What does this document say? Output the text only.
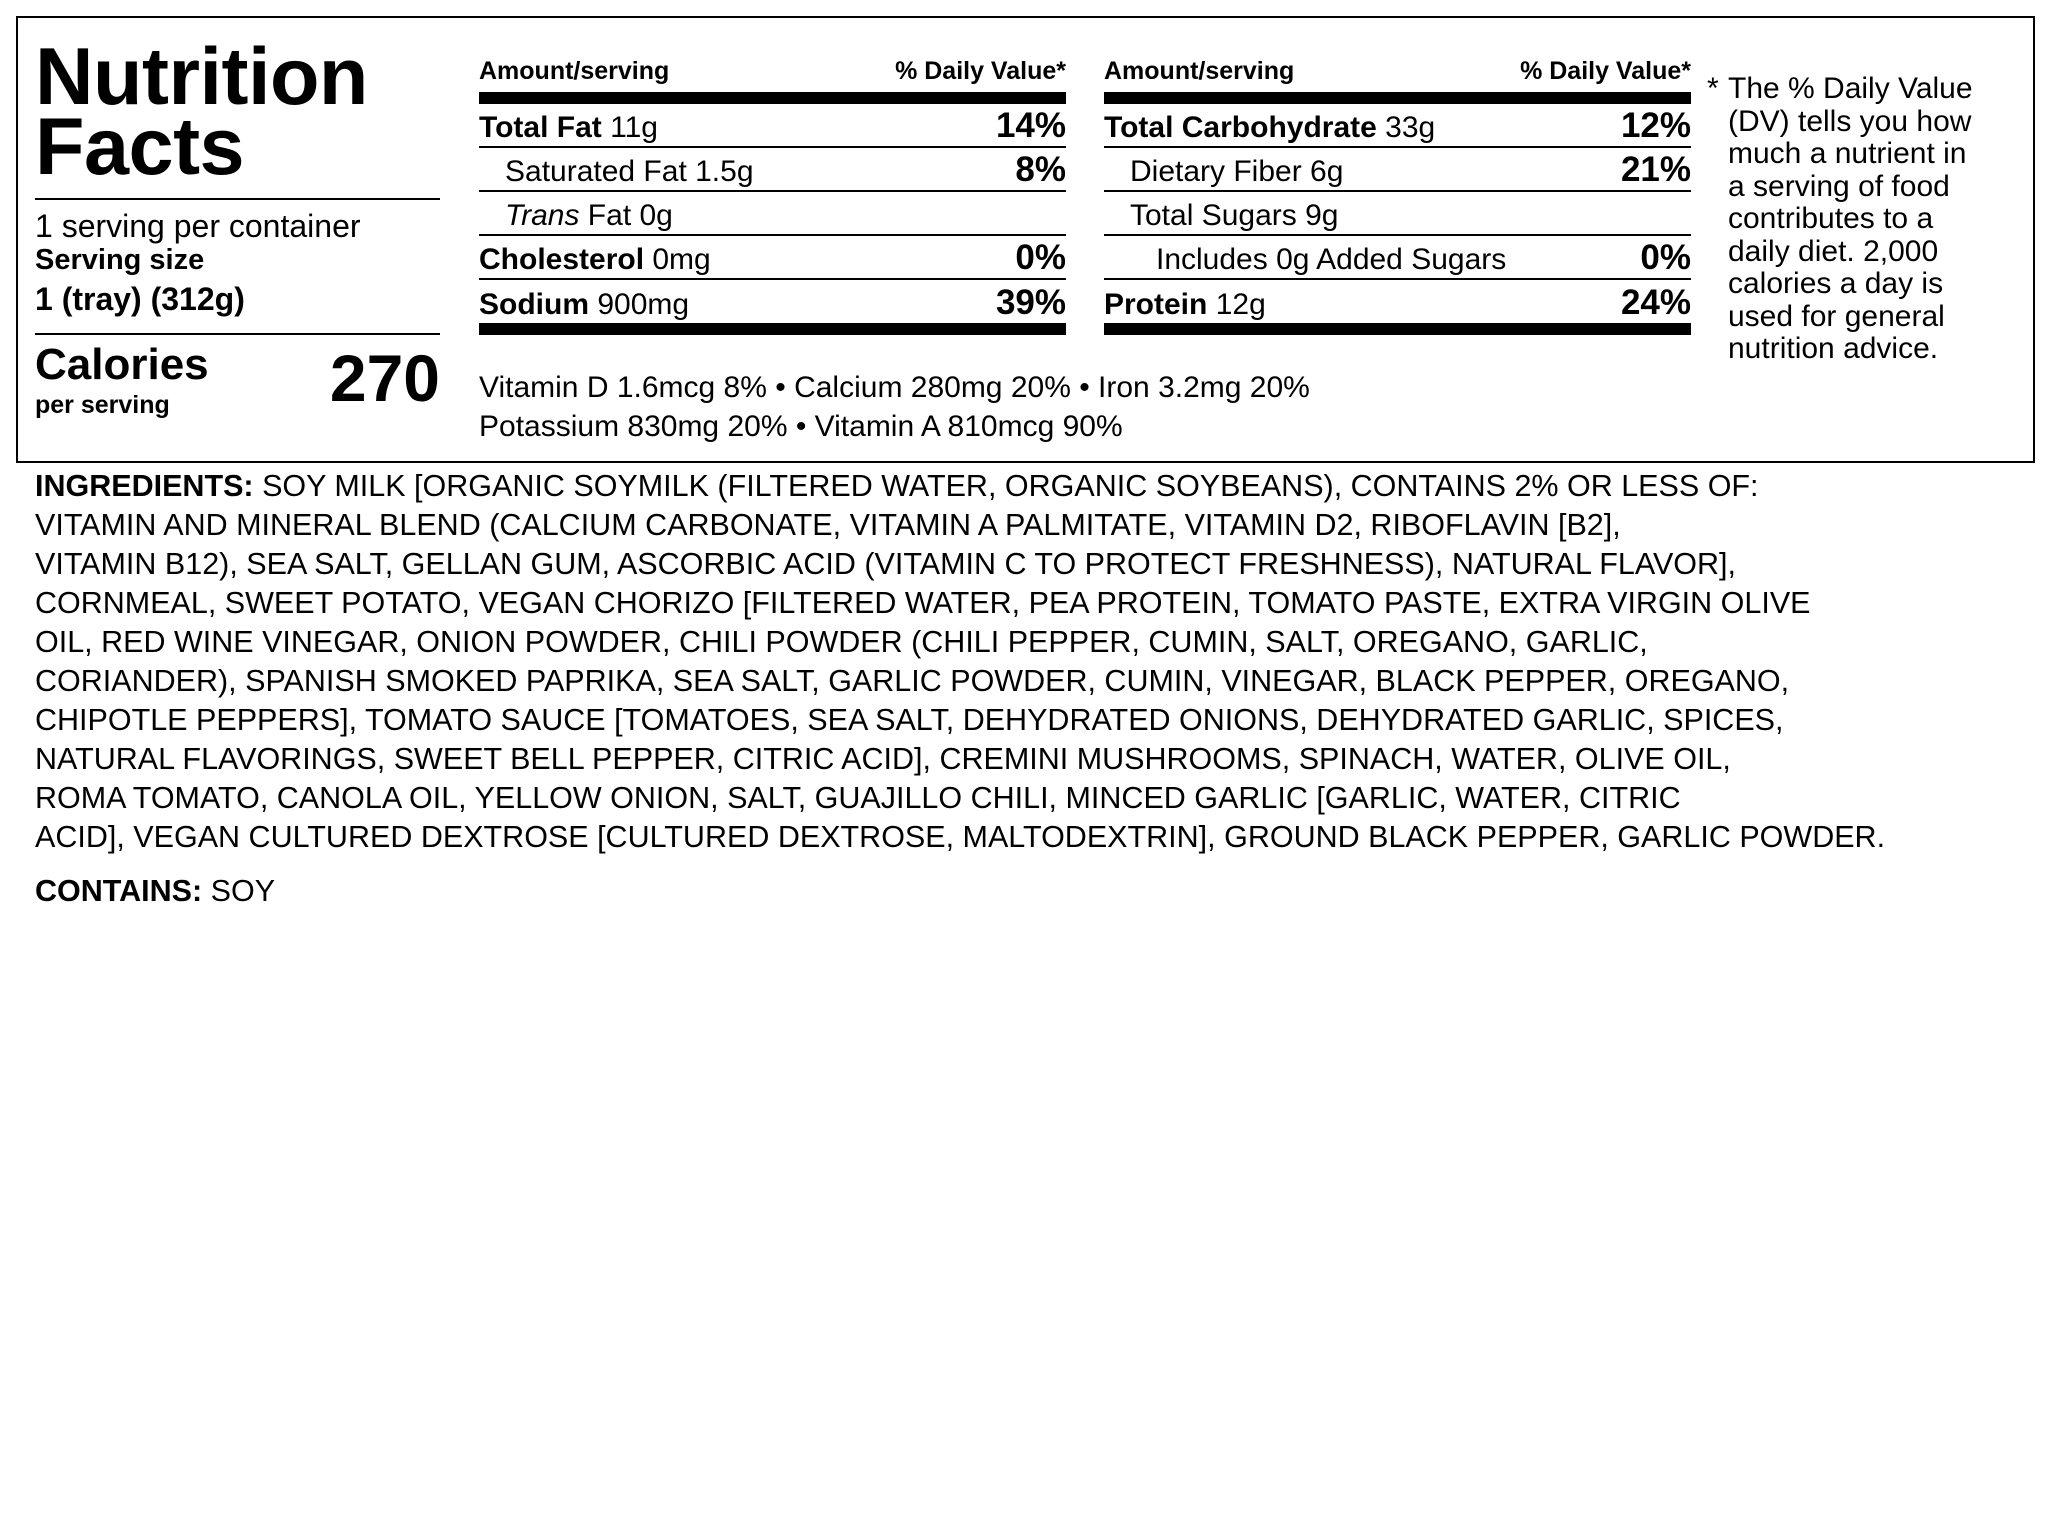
Nutrition
Facts
1 serving per container
Serving size
1 (tray) (312g)
Calories
per serving 270
Amount/serving	% Daily Value*
Total Fat 11g	14%
Saturated Fat 1.5g	8%
Trans Fat 0g
Cholesterol 0mg	0%
Sodium 900mg	39%
Amount/serving	% Daily Value*
Total Carbohydrate 33g	12%
Dietary Fiber 6g	21%
Total Sugars 9g
Includes 0g Added Sugars	0%
Protein 12g	24%
Vitamin D 1.6mcg 8% • Calcium 280mg 20% • Iron 3.2mg 20%
Potassium 830mg 20% • Vitamin A 810mcg 90%
* The % Daily Value
(DV) tells you how
much a nutrient in
a serving of food
contributes to a
daily diet. 2,000
calories a day is
used for general
nutrition advice.
INGREDIENTS: SOY MILK [ORGANIC SOYMILK (FILTERED WATER, ORGANIC SOYBEANS), CONTAINS 2% OR LESS OF:
VITAMIN AND MINERAL BLEND (CALCIUM CARBONATE, VITAMIN A PALMITATE, VITAMIN D2, RIBOFLAVIN [B2],
VITAMIN B12), SEA SALT, GELLAN GUM, ASCORBIC ACID (VITAMIN C TO PROTECT FRESHNESS), NATURAL FLAVOR],
CORNMEAL, SWEET POTATO, VEGAN CHORIZO [FILTERED WATER, PEA PROTEIN, TOMATO PASTE, EXTRA VIRGIN OLIVE
OIL, RED WINE VINEGAR, ONION POWDER, CHILI POWDER (CHILI PEPPER, CUMIN, SALT, OREGANO, GARLIC,
CORIANDER), SPANISH SMOKED PAPRIKA, SEA SALT, GARLIC POWDER, CUMIN, VINEGAR, BLACK PEPPER, OREGANO,
CHIPOTLE PEPPERS], TOMATO SAUCE [TOMATOES, SEA SALT, DEHYDRATED ONIONS, DEHYDRATED GARLIC, SPICES,
NATURAL FLAVORINGS, SWEET BELL PEPPER, CITRIC ACID], CREMINI MUSHROOMS, SPINACH, WATER, OLIVE OIL,
ROMA TOMATO, CANOLA OIL, YELLOW ONION, SALT, GUAJILLO CHILI, MINCED GARLIC [GARLIC, WATER, CITRIC
ACID], VEGAN CULTURED DEXTROSE [CULTURED DEXTROSE, MALTODEXTRIN], GROUND BLACK PEPPER, GARLIC POWDER.
CONTAINS: SOY
